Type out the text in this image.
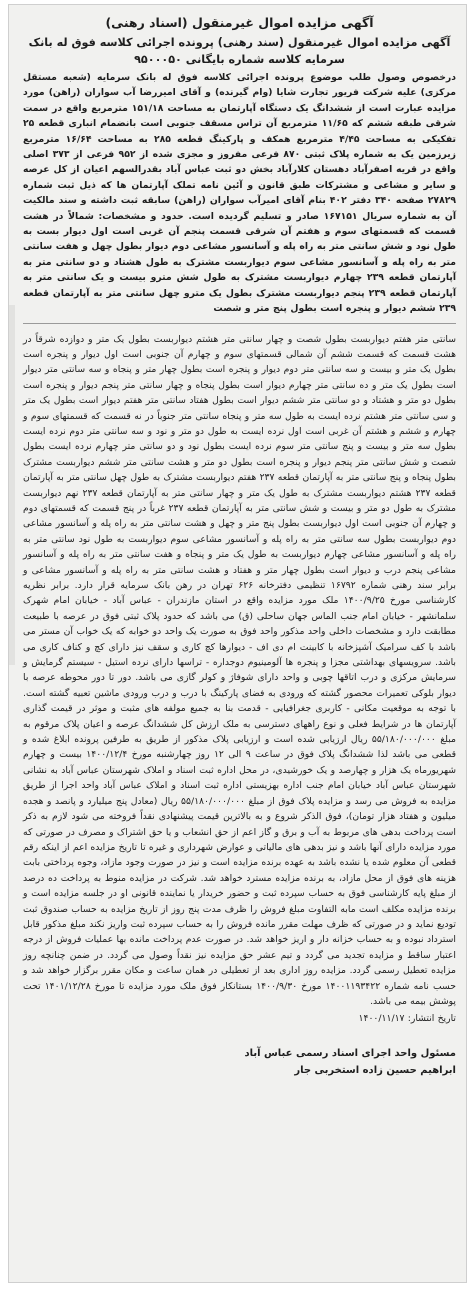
آگهی مزایده اموال غیرمنقول (اسناد رهنی)

آگهی مزایده اموال غیرمنقول (سند رهنی) پرونده اجرائی کلاسه فوق له بانک سرمایه کلاسه شماره بایگانی ۹۵۰۰۰۵۰

درخصوص وصول طلب موضوع پرونده اجرائی کلاسه فوق له بانک سرمایه (شعبه مستقل مرکزی) علیه شرکت فریور تجارت شایا (وام گیرنده) و آقای امیررضا آب سواران (راهن) مورد مزایده عبارت است از ششدانگ یک دستگاه آپارتمان به مساحت ۱۵۱/۱۸ مترمربع واقع در سمت شرقی طبقه ششم که ۱۱/۶۵ مترمربع آن تراس مسقف جنوبی است بانضمام انباری قطعه ۲۵ تفکیکی به مساحت ۴/۴۵ مترمربع همکف و پارکینگ قطعه ۲۸۵ به مساحت ۱۶/۶۴ مترمربع زیرزمین یک به شماره پلاک ثبتی ۸۷۰ فرعی مفروز و مجزی شده از ۹۵۲ فرعی از ۳۷۳ اصلی واقع در قریه اصفرآباد دهستان کلارآباد بخش دو ثبت عباس آباد بقدرالسهم اعیان از کل عرصه و سایر و مشاعی و مشترکات طبق قانون و آئین نامه تملک آپارتمان ها که ذیل ثبت شماره ۲۷۸۲۹ صفحه ۳۴۰ دفتر ۴۰۲ بنام آقای امیرآب سواران (راهن) سابقه ثبت داشته و سند مالکیت آن به شماره سریال ۱۶۷۱۵۱ صادر و تسلیم گردیده است. حدود و مشخصات: شمالاً در هشت قسمت که قسمتهای سوم و هفتم آن شرقی قسمت پنجم آن غربی است اول دیوار بست به طول نود و شش سانتی متر به راه پله و آسانسور مشاعی دوم دیوار بطول چهل و هفت سانتی متر به راه پله و آسانسور مشاعی سوم دیواربست مشترک به طول هشتاد و دو سانتی متر به آپارتمان قطعه ۲۳۹ چهارم دیواربست مشترک به طول شش مترو بیست و یک سانتی متر به آپارتمان قطعه ۲۳۹ پنجم دیواربست مشترک بطول یک مترو چهل سانتی متر به آپارتمان قطعه ۲۳۹ ششم دیوار و پنجره است بطول پنج متر و شصت

سانتی متر هفتم دیواربست بطول شصت و چهار سانتی متر هشتم دیواربست بطول یک متر و دوازده شرقاً در هشت قسمت که قسمت ششم آن شمالی قسمتهای سوم و چهارم آن جنوبی است اول دیوار و پنجره است بطول یک متر و بیست و سه سانتی متر دوم دیوار و پنجره است بطول چهار متر و پنجاه و سه سانتی متر دیوار است بطول یک متر و ده سانتی متر چهارم دیوار است بطول پنجاه و چهار سانتی متر پنجم دیوار و پنجره است بطول دو متر و هشتاد و دو سانتی متر ششم دیوار است بطول هفتاد سانتی متر هفتم دیوار است بطول یک متر و سی سانتی متر هشتم نرده ایست به طول سه متر و پنجاه سانتی متر جنوباً در نه قسمت که قسمتهای سوم و چهارم و ششم و هشتم آن غربی است اول نرده ایست به طول دو متر و نود و سه سانتی متر دوم نرده ایست بطول سه متر و بیست و پنج سانتی متر سوم نرده ایست بطول نود و دو سانتی متر چهارم نرده ایست بطول شصت و شش سانتی متر پنجم دیوار و پنجره است بطول دو متر و هشت سانتی متر ششم دیواربست مشترک بطول پنجاه و پنج سانتی متر به آپارتمان قطعه ۲۳۷ هفتم دیواربست مشترک به طول چهل سانتی متر به آپارتمان قطعه ۲۳۷ هشتم دیواربست مشترک به طول یک متر و چهار سانتی متر به آپارتمان قطعه ۲۳۷ نهم دیواربست مشترک به طول دو متر و بیست و شش سانتی متر به آپارتمان قطعه ۲۳۷ غرباً در پنج قسمت که قسمتهای دوم و چهارم آن جنوبی است اول دیواربست بطول پنج متر و چهل و هشت سانتی متر به راه پله و آسانسور مشاعی دوم دیواربست بطول سه سانتی متر به راه پله و آسانسور مشاعی سوم دیواربست به طول نود سانتی متر به راه پله و آسانسور مشاعی چهارم دیواربست به طول یک متر و پنجاه و هفت سانتی متر به راه پله و آسانسور مشاعی پنجم درب و دیوار است بطول چهار متر و هفتاد و هشت سانتی متر به راه پله و آسانسور مشاعی و برابر سند رهنی شماره ۱۶۷۹۲ تنظیمی دفترخانه ۶۲۶ تهران در رهن بانک سرمایه قرار دارد. برابر نظریه کارشناسی مورخ ۱۴۰۰/۹/۲۵ ملک مورد مزایده واقع در استان مازندران - عباس آباد - خیابان امام شهرک سلمانشهر - خیابان امام جنب الماس جهان ساحلی (ق) می باشد که حدود پلاک ثبتی فوق در عرصه با طبیعت مطابقت دارد و مشخصات داخلی واحد مذکور واحد فوق به صورت یک واحد دو خوابه که یک خواب آن مستر می باشد با کف سرامیک آشپزخانه با کابینت ام دی اف - دیوارها کچ کاری و سقف نیز دارای کچ و کناف کاری می باشد. سرویسهای بهداشتی مجزا و پنجره ها آلومینیوم دوجداره - تراسها دارای نرده استیل - سیستم گرمایش و سرمایش مرکزی و درب اتاقها چوبی و واحد دارای شوفاژ و کولر گازی می باشد. دور تا دور محوطه عرصه با دیوار بلوکی تعمیرات محصور گشته که ورودی به فضای پارکینگ با درب و درب ورودی ماشین تعبیه گشته است. با توجه به موقعیت مکانی - کاربری جغرافیایی - قدمت بنا به جمیع مولفه های مثبت و موثر در قیمت گذاری آپارتمان ها در شرایط فعلی و نوع راههای دسترسی به ملک ارزش کل ششدانگ عرصه و اعیان پلاک مرقوم به مبلغ ۵۵/۱۸۰/۰۰۰/۰۰۰ ریال ارزیابی شده است و ارزیابی پلاک مذکور از طریق به طرفین پرونده ابلاغ شده و قطعی می باشد لذا ششدانگ پلاک فوق در ساعت ۹ الی ۱۲ روز چهارشنبه مورخ ۱۴۰۰/۱۲/۴ بیست و چهارم شهریورماه یک هزار و چهارصد و یک خورشیدی، در محل اداره ثبت اسناد و املاک شهرستان عباس آباد به نشانی شهرستان عباس آباد خیابان امام جنب اداره بهزیستی اداره ثبت اسناد و املاک عباس آباد واحد اجرا از طریق مزایده به فروش می رسد و مزایده پلاک فوق از مبلغ ۵۵/۱۸۰/۰۰۰/۰۰۰ ریال (معادل پنج میلیارد و پانصد و هجده میلیون و هفتاد هزار تومان)، فوق الذکر شروع و به بالاترین قیمت پیشنهادی نقداً فروخته می شود لازم به ذکر است پرداخت بدهی های مربوط به آب و برق و گاز اعم از حق انشعاب و یا حق اشتراک و مصرف در صورتی که مورد مزایده دارای آنها باشد و نیز بدهی های مالیاتی و عوارض شهرداری و غیره تا تاریخ مزایده اعم از اینکه رقم قطعی آن معلوم شده یا نشده باشد به عهده برنده مزایده است و نیز در صورت وجود مازاد، وجوه پرداختی بابت هزینه های فوق از محل مازاد، به برنده مزایده مسترد خواهد شد. شرکت در مزایده منوط به پرداخت ده درصد از مبلغ پایه کارشناسی فوق به حساب سپرده ثبت و حضور خریدار یا نماینده قانونی او در جلسه مزایده است و برنده مزایده مکلف است مابه التفاوت مبلغ فروش را ظرف مدت پنج روز از تاریخ مزایده به حساب صندوق ثبت تودیع نماید و در صورتی که ظرف مهلت مقرر مانده فروش را به حساب سپرده ثبت واریز نکند مبلغ مذکور قابل استرداد نبوده و به حساب خزانه دار و اریز خواهد شد. در صورت عدم پرداخت مانده بها عملیات فروش از درجه اعتبار ساقط و مزایده تجدید می گردد و تیم عشر حق مزایده نیز نقداً وصول می گردد. در ضمن چنانچه روز مزایده تعطیل رسمی گردد. مزایده روز اداری بعد از تعطیلی در همان ساعت و مکان مقرر برگزار خواهد شد و حسب نامه شماره ۱۴۰۰۱۱۹۳۴۲۲ مورخ ۱۴۰۰/۹/۳۰ بستانکار فوق ملک مورد مزایده تا مورخ ۱۴۰۱/۱۲/۲۸ تحت پوشش بیمه می باشد.

تاریخ انتشار: ۱۴۰۰/۱۱/۱۷

مسئول واحد اجرای اسناد رسمی عباس آباد

ابراهیم حسین زاده استخربی جار
